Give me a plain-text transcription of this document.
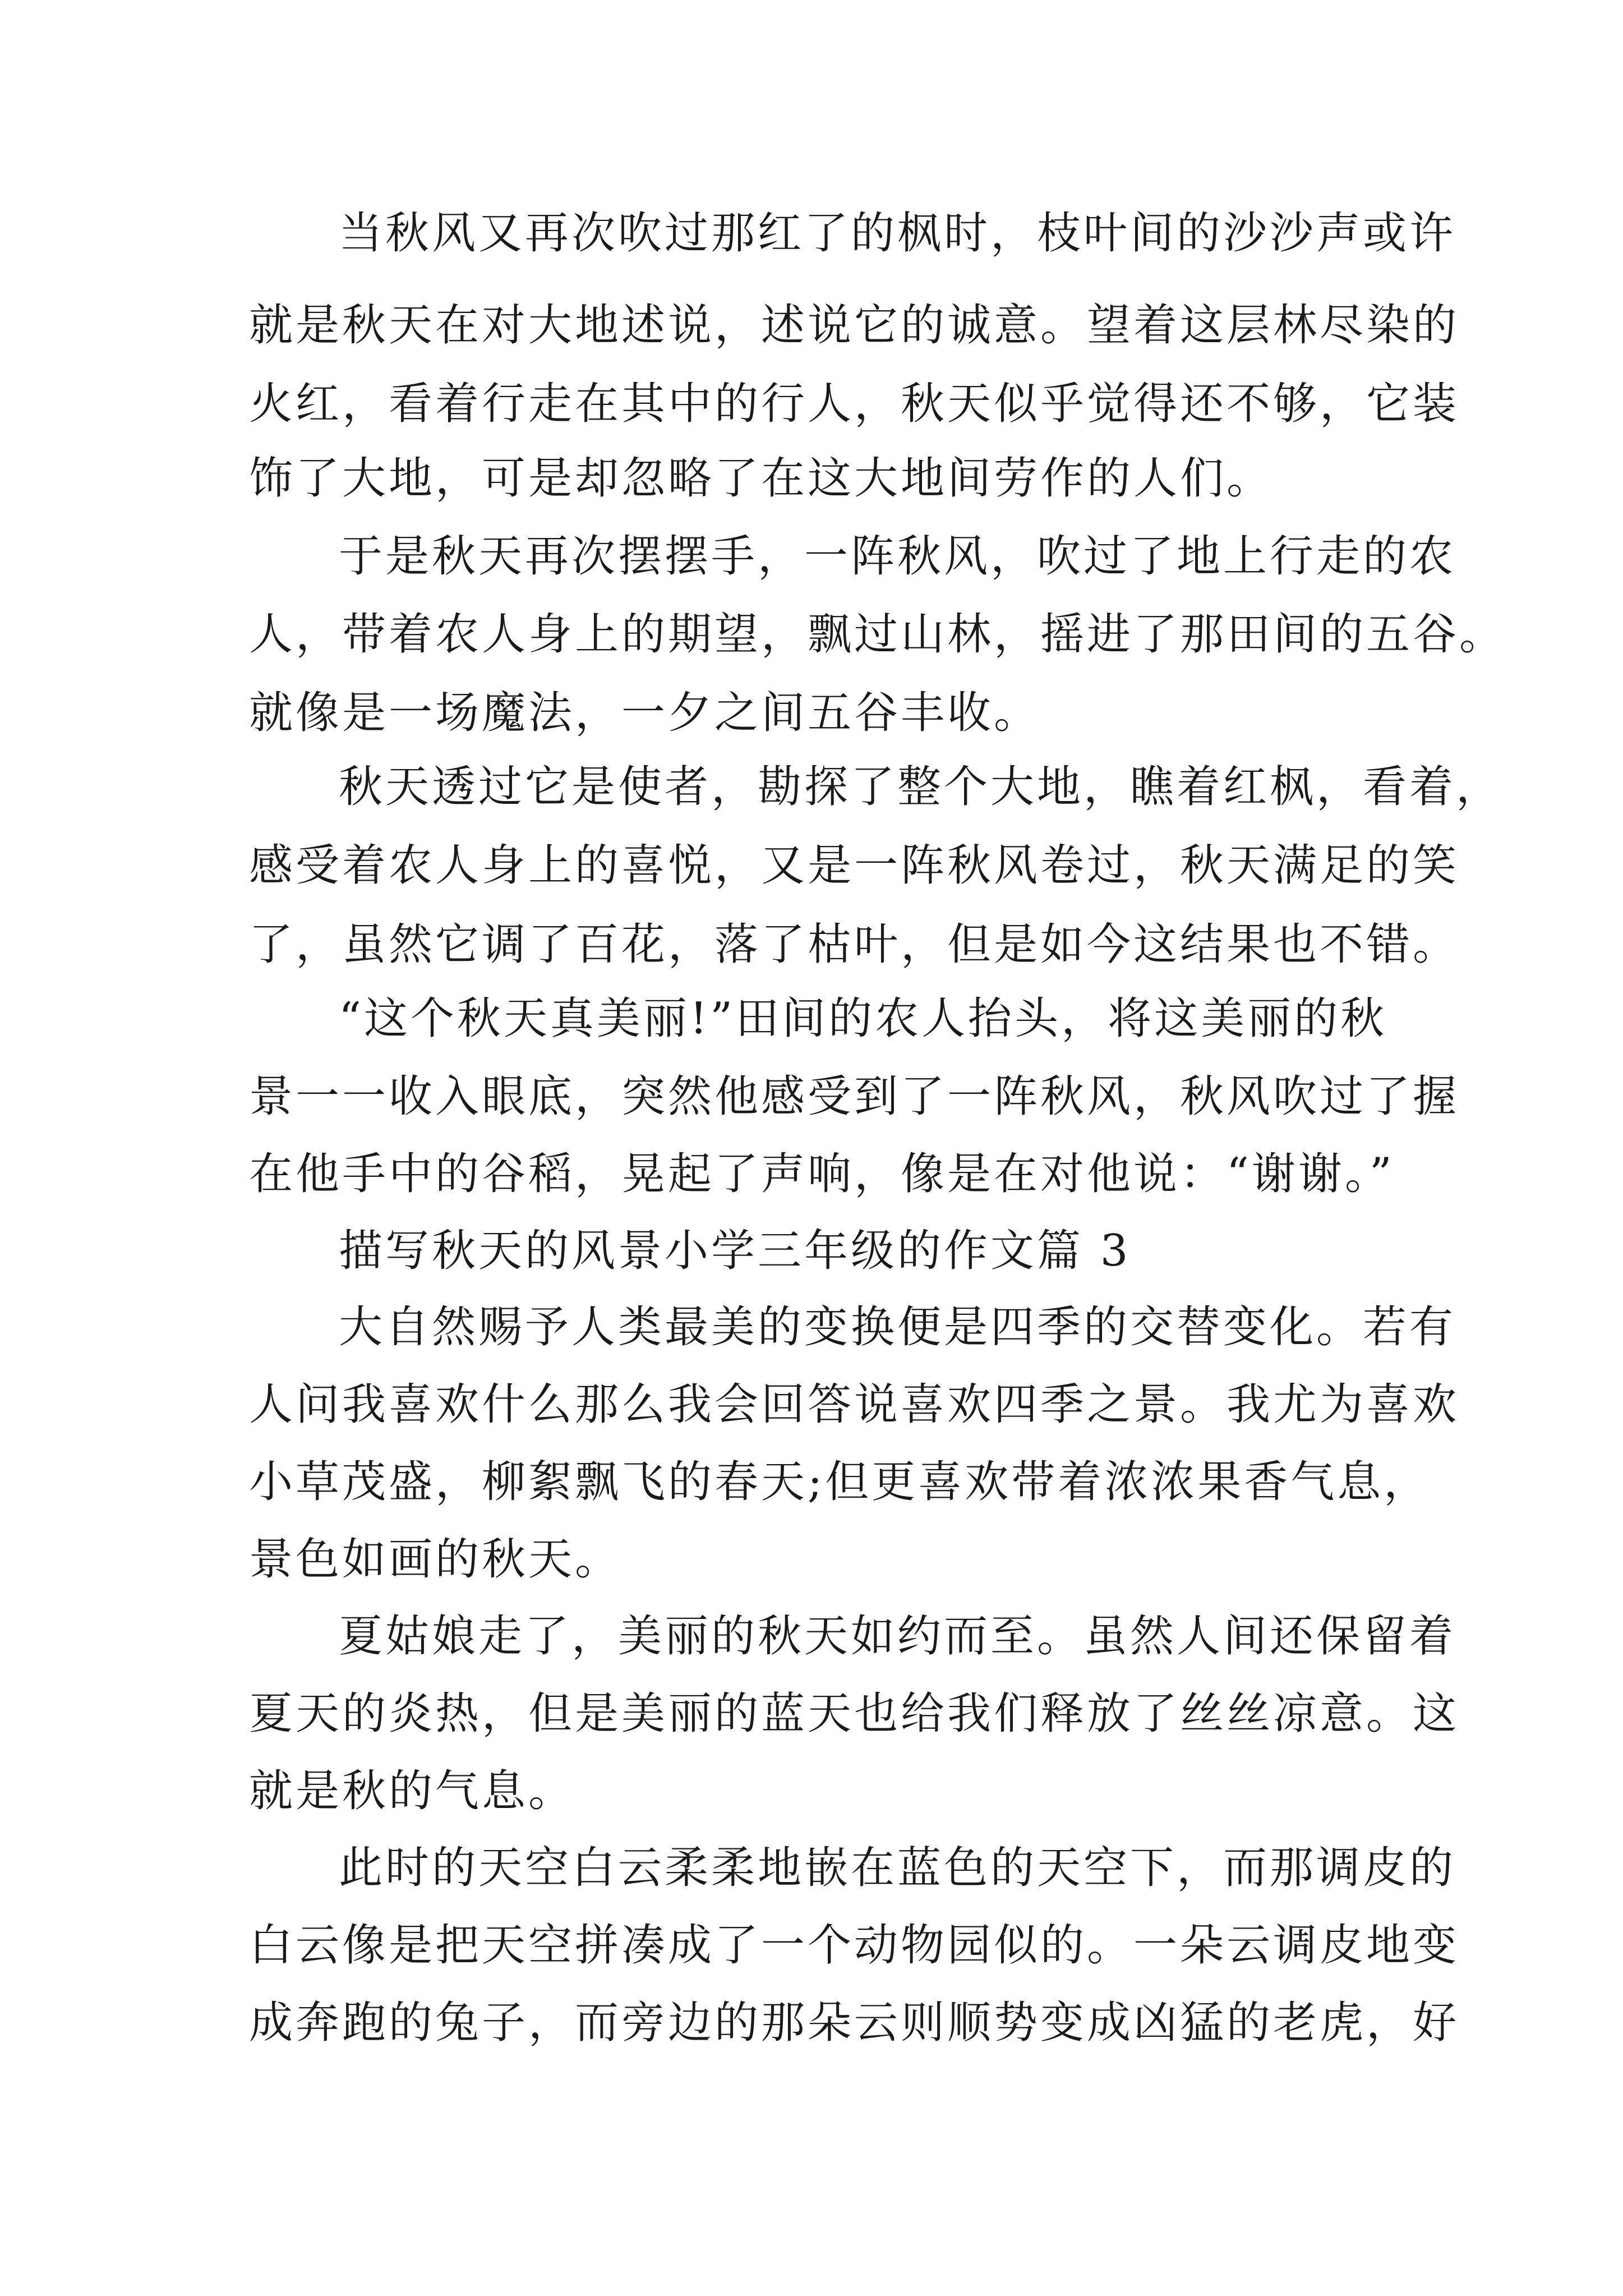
当秋风又再次吹过那红了的枫时，枝叶间的沙沙声或许
就是秋天在对大地述说，述说它的诚意。望着这层林尽染的
火红，看着行走在其中的行人，秋天似乎觉得还不够，它装
饰了大地，可是却忽略了在这大地间劳作的人们。
于是秋天再次摆摆手，一阵秋风，吹过了地上行走的农
人，带着农人身上的期望，飘过山林，摇进了那田间的五谷。
就像是一场魔法，一夕之间五谷丰收。
秋天透过它是使者，勘探了整个大地，瞧着红枫，看着，
感受着农人身上的喜悦，又是一阵秋风卷过，秋天满足的笑
了，虽然它调了百花，落了枯叶，但是如今这结果也不错。
“这个秋天真美丽!”田间的农人抬头，将这美丽的秋
景一一收入眼底，突然他感受到了一阵秋风，秋风吹过了握
在他手中的谷稻，晃起了声响，像是在对他说：“谢谢。”
描写秋天的风景小学三年级的作文篇 3
大自然赐予人类最美的变换便是四季的交替变化。若有
人问我喜欢什么那么我会回答说喜欢四季之景。我尤为喜欢
小草茂盛，柳絮飘飞的春天;但更喜欢带着浓浓果香气息，
景色如画的秋天。
夏姑娘走了，美丽的秋天如约而至。虽然人间还保留着
夏天的炎热，但是美丽的蓝天也给我们释放了丝丝凉意。这
就是秋的气息。
此时的天空白云柔柔地嵌在蓝色的天空下，而那调皮的
白云像是把天空拼凑成了一个动物园似的。一朵云调皮地变
成奔跑的兔子，而旁边的那朵云则顺势变成凶猛的老虎，好
